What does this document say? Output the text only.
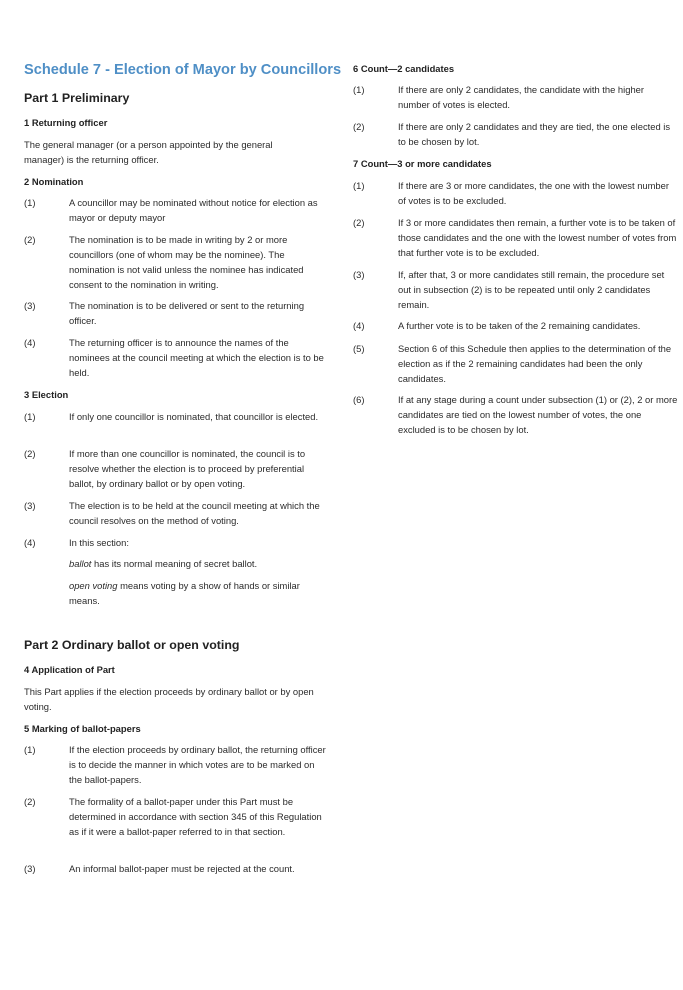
Schedule 7 - Election of Mayor by Councillors
Part 1 Preliminary
1 Returning officer
The general manager (or a person appointed by the general manager) is the returning officer.
2 Nomination
(1)	A councillor may be nominated without notice for election as mayor or deputy mayor
(2)	The nomination is to be made in writing by 2 or more councillors (one of whom may be the nominee). The nomination is not valid unless the nominee has indicated consent to the nomination in writing.
(3)	The nomination is to be delivered or sent to the returning officer.
(4)	The returning officer is to announce the names of the nominees at the council meeting at which the election is to be held.
3 Election
(1)	If only one councillor is nominated, that councillor is elected.
(2)	If more than one councillor is nominated, the council is to resolve whether the election is to proceed by preferential ballot, by ordinary ballot or by open voting.
(3)	The election is to be held at the council meeting at which the council resolves on the method of voting.
(4)	In this section:
ballot has its normal meaning of secret ballot.
open voting means voting by a show of hands or similar means.
Part 2 Ordinary ballot or open voting
4 Application of Part
This Part applies if the election proceeds by ordinary ballot or by open voting.
5 Marking of ballot-papers
(1)	If the election proceeds by ordinary ballot, the returning officer is to decide the manner in which votes are to be marked on the ballot-papers.
(2)	The formality of a ballot-paper under this Part must be determined in accordance with section 345 of this Regulation as if it were a ballot-paper referred to in that section.
(3)	An informal ballot-paper must be rejected at the count.
6 Count—2 candidates
(1)	If there are only 2 candidates, the candidate with the higher number of votes is elected.
(2)	If there are only 2 candidates and they are tied, the one elected is to be chosen by lot.
7 Count—3 or more candidates
(1)	If there are 3 or more candidates, the one with the lowest number of votes is to be excluded.
(2)	If 3 or more candidates then remain, a further vote is to be taken of those candidates and the one with the lowest number of votes from that further vote is to be excluded.
(3)	If, after that, 3 or more candidates still remain, the procedure set out in subsection (2) is to be repeated until only 2 candidates remain.
(4)	A further vote is to be taken of the 2 remaining candidates.
(5)	Section 6 of this Schedule then applies to the determination of the election as if the 2 remaining candidates had been the only candidates.
(6)	If at any stage during a count under subsection (1) or (2), 2 or more candidates are tied on the lowest number of votes, the one excluded is to be chosen by lot.
